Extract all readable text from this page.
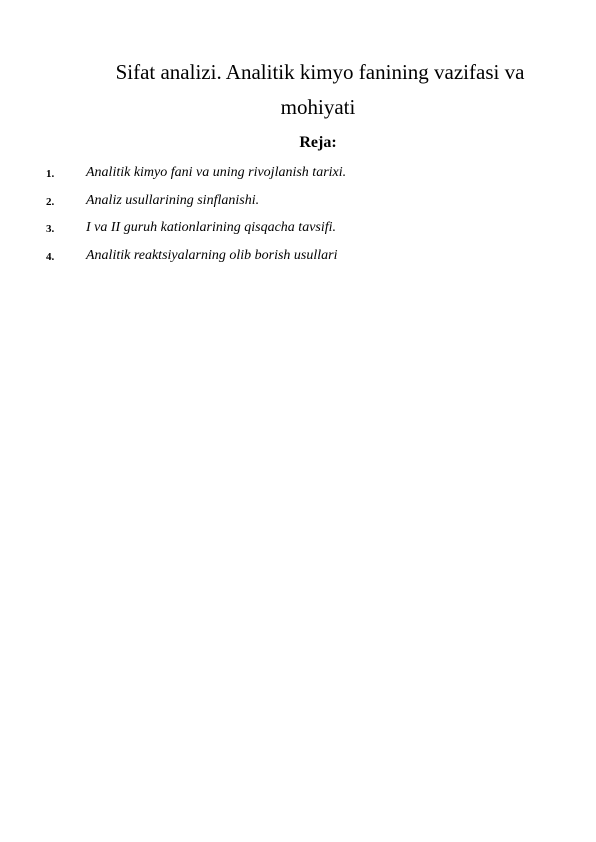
Sifat analizi. Analitik kimyo fanining vazifasi va
mohiyati
Reja:
1. Analitik kimyo fani va uning rivojlanish tarixi.
2. Analiz usullarining sinflanishi.
3. I va II guruh kationlarining qisqacha tavsifi.
4. Analitik reaktsiyalarning olib borish usullari
